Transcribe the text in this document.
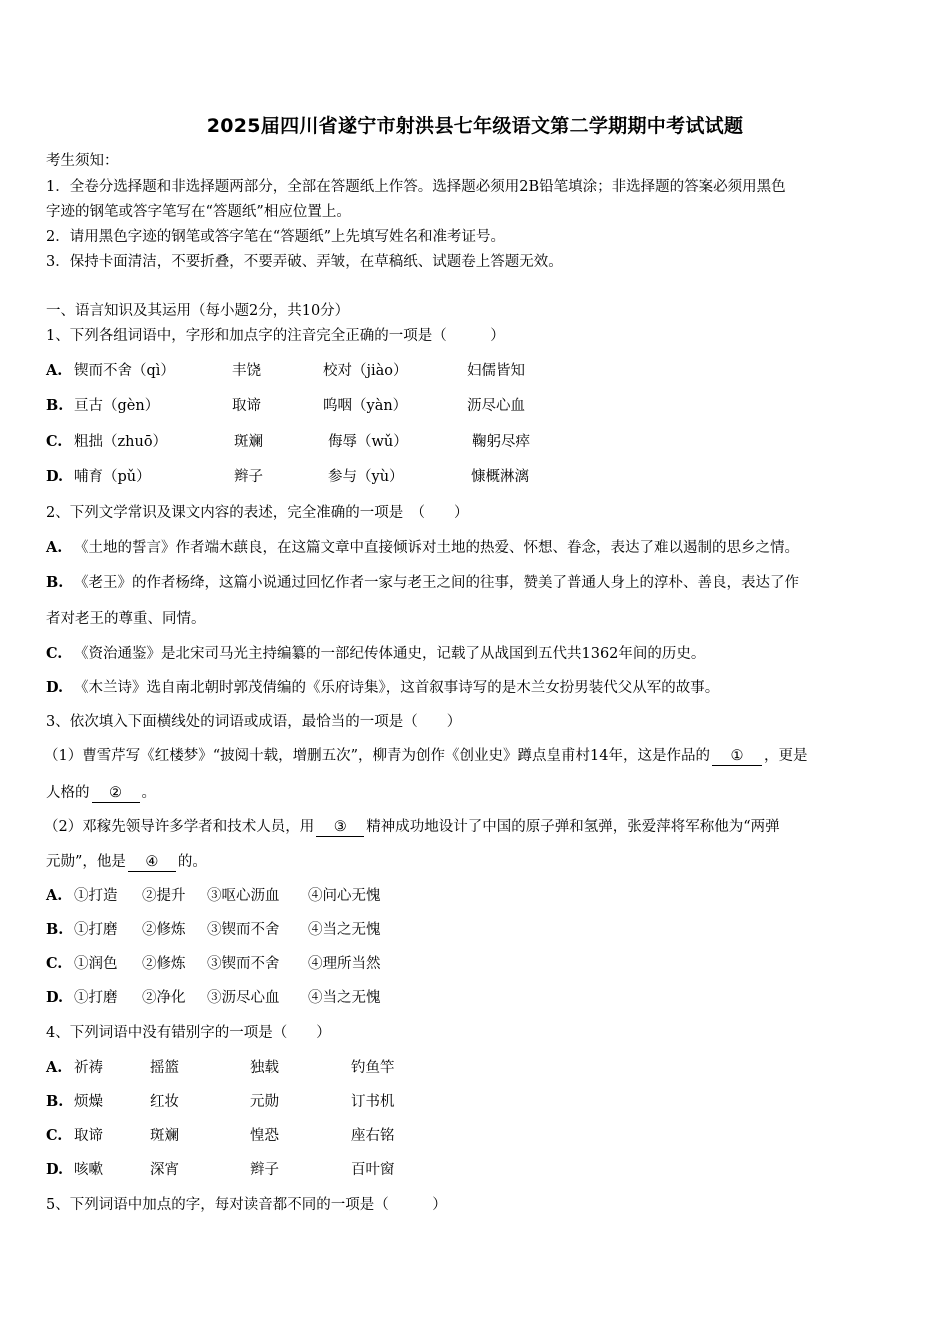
2025届四川省遂宁市射洪县七年级语文第二学期期中考试试题
考生须知：
1．全卷分选择题和非选择题两部分，全部在答题纸上作答。选择题必须用2B铅笔填涂；非选择题的答案必须用黑色
字迹的钢笔或答字笔写在“答题纸”相应位置上。
2．请用黑色字迹的钢笔或答字笔在“答题纸”上先填写姓名和准考证号。
3．保持卡面清洁，不要折叠，不要弄破、弄皱，在草稿纸、试题卷上答题无效。
一、语言知识及其运用（每小题2分，共10分）
1、下列各组词语中，字形和加点字的注音完全正确的一项是（　　　）
A. 锲而不舍（qì）	丰饶	校对（jiào）	妇儒皆知
B. 亘古（gèn）	取谛	呜咽（yàn）	沥尽心血
C. 粗拙（zhuō）	斑斓	侮辱（wǔ）	鞠躬尽瘁
D. 哺育（pǔ）	辫子	参与（yù）	慷概淋漓
2、下列文学常识及课文内容的表述，完全准确的一项是　（　　）
A. 《土地的誓言》作者端木蕻良，在这篇文章中直接倾诉对土地的热爱、怀想、眷念，表达了难以遏制的思乡之情。
B. 《老王》的作者杨绛，这篇小说通过回忆作者一家与老王之间的往事，赞美了普通人身上的淳朴、善良，表达了作
者对老王的尊重、同情。
C. 《资治通鉴》是北宋司马光主持编纂的一部纪传体通史，记载了从战国到五代共1362年间的历史。
D. 《木兰诗》选自南北朝时郭茂倩编的《乐府诗集》，这首叙事诗写的是木兰女扮男装代父从军的故事。
3、依次填入下面横线处的词语或成语，最恰当的一项是（　　）
（1）曹雪芹写《红楼梦》“披阅十载，增删五次”，柳青为创作《创业史》蹲点皇甫村14年，这是作品的 ① ，更是
人格的 ② 。
（2）邓稼先领导许多学者和技术人员，用 ③ 精神成功地设计了中国的原子弹和氢弹，张爱萍将军称他为“两弹
元勋”，他是 ④ 的。
A. ①打造 ②提升 ③呕心沥血 ④问心无愧
B. ①打磨 ②修炼 ③锲而不舍 ④当之无愧
C. ①润色 ②修炼 ③锲而不舍 ④理所当然
D. ①打磨 ②净化 ③沥尽心血 ④当之无愧
4、下列词语中没有错别字的一项是（　　）
A. 祈祷	摇篮	独载	钓鱼竿
B. 烦燥	红妆	元勋	订书机
C. 取谛	斑斓	惶恐	座右铭
D. 咳嗽	深宵	辫子	百叶窗
5、下列词语中加点的字，每对读音都不同的一项是（　　　）
